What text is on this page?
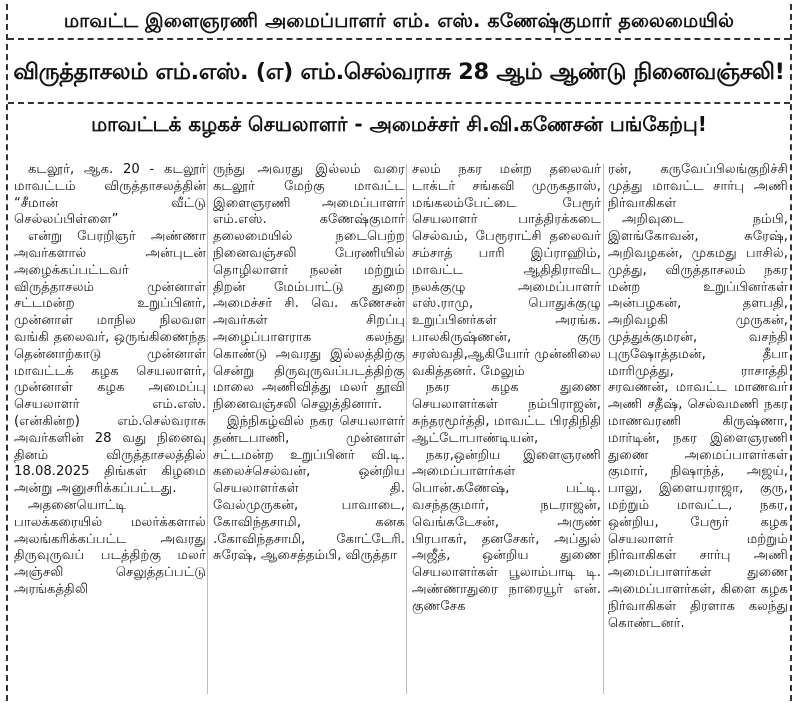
மாவட்ட இளைஞரணி அமைப்பாளர் எம். எஸ். கணேஷ்குமார் தலைமையில்
விருத்தாசலம் எம்.எஸ். (எ) எம்.செல்வராசு 28 ஆம் ஆண்டு நினைவஞ்சலி!
மாவட்டக் கழகச் செயலாளர் - அமைச்சர் சி.வி.கணேசன் பங்கேற்பு!

கடலூர், ஆக. 20 - கடலூர் மாவட்டம் விருத்தாசலத்தின் “சீமான் வீட்டு செல்லப்பிள்ளை”

என்று பேரறிஞர் அண்ணா அவர்களால் அன்புடன் அழைக்கப்பட்டவர் விருத்தாசலம் முன்னாள் சட்டமன்ற உறுப்பினர், முன்னாள் மாநில நிலவள வங்கி தலைவர், ஒருங்கிணைந்த தென்னாற்காடு முன்னாள் மாவட்டக் கழக செயலாளர், முன்னாள் கழக அமைப்பு செயலாளர் எம்.எஸ். (என்கின்ற) எம்.செல்வராசு அவர்களின் 28 வது நினைவு தினம் விருத்தாசலத்தில் 18.08.2025 திங்கள் கிழமை அன்று அனுசரிக்கப்பட்டது.

அதனையொட்டி பாலக்கரையில் மலர்க்களால் அலங்கரிக்கப்பட்ட அவரது திருவுருவப் படத்திற்கு மலர் அஞ்சலி செலுத்தப்பட்டு அரங்கத்திலி

ருந்து அவரது இல்லம் வரை கடலூர் மேற்கு மாவட்ட இளைஞரணி அமைப்பாளர் எம்.எஸ். கணேஷ்குமார் தலைமையில் நடைபெற்ற நினைவஞ்சலி பேரணியில் தொழிலாளர் நலன் மற்றும் திறன் மேம்பாட்டு துறை அமைச்சர் சி. வெ. கணேசன் அவர்கள் சிறப்பு அழைப்பாளராக கலந்து கொண்டு அவரது இல்லத்திற்கு சென்று திருவுருவப்படத்திற்கு மாலை அணிவித்து மலர் தூவி நினைவஞ்சலி செலுத்தினார்.

இந்நிகழ்வில் நகர செயலாளர் தண்டபாணி, முன்னாள் சட்டமன்ற உறுப்பினர் வி.டி. கலைச்செல்வன், ஒன்றிய செயலாளர்கள் தி. வேல்முருகன், பாவாடை, கோவிந்தசாமி, கனக .கோவிந்தசாமி, கோட்டேரி. சுரேஷ், ஆசைத்தம்பி, விருத்தா

சலம் நகர மன்ற தலைவர் டாக்டர் சங்கவி முருகதாஸ், மங்கலம்பேட்டை பேரூர் செயலாளர் பாத்திரக்கடை செல்வம், பேரூராட்சி தலைவர் சம்சாத் பாரி இப்ராஹிம், மாவட்ட ஆதிதிராவிட நலக்குழு அமைப்பாளர் எஸ்.ராமு, பொதுக்குழு உறுப்பினர்கள் அரங்க. பாலகிருஷ்ணன், குரு சரஸ்வதி,ஆகியோர் முன்னிலை வகித்தனர். மேலும்

நகர கழக துணை செயலாளர்கள் நம்பிராஜன், சுந்தரமூர்த்தி, மாவட்ட பிரதிநிதி ஆட்டோபாண்டியன்,

நகர,ஒன்றிய இளைஞரணி அமைப்பாளர்கள் பொன்.கணேஷ், பட்டி. வசந்தகுமார், நடராஜன், வெங்கடேசன், அருண் பிரபாகர், தனசேகர், அப்துல் அஜீத், ஒன்றிய துணை செயலாளர்கள் பூலாம்பாடி டி. அண்ணாதுரை நாரையூர் என். குணசேக

ரன், கருவேப்பிலங்குறிச்சி முத்து மாவட்ட சார்பு அணி நிர்வாகிகள்

அறிவுடை நம்பி, இளங்கோவன், சுரேஷ், அறிவழகன், முகமது பாசில், முத்து, விருத்தாசலம் நகர மன்ற உறுப்பினர்கள் அன்பழகன், தளபதி, அறிவழகி முருகன், முத்துக்குமரன், வசந்தி புருஷோத்தமன், தீபா மாரிமுத்து, ராசாத்தி சரவணன், மாவட்ட மாணவர் அணி சதீஷ், செல்வமணி நகர மாணவரணி கிருஷ்ணா, மார்டின், நகர இளைஞரணி துணை அமைப்பாளர்கள் குமார், நிஷாந்த், அஜய், பாலு, இளையராஜா, குரு, மற்றும் மாவட்ட, நகர, ஒன்றிய, பேரூர் கழக செயலாளர் மற்றும் நிர்வாகிகள் சார்பு அணி அமைப்பாளர்கள் துணை அமைப்பாளர்கள், கிளை கழக நிர்வாகிகள் திரளாக கலந்து கொண்டனர்.
